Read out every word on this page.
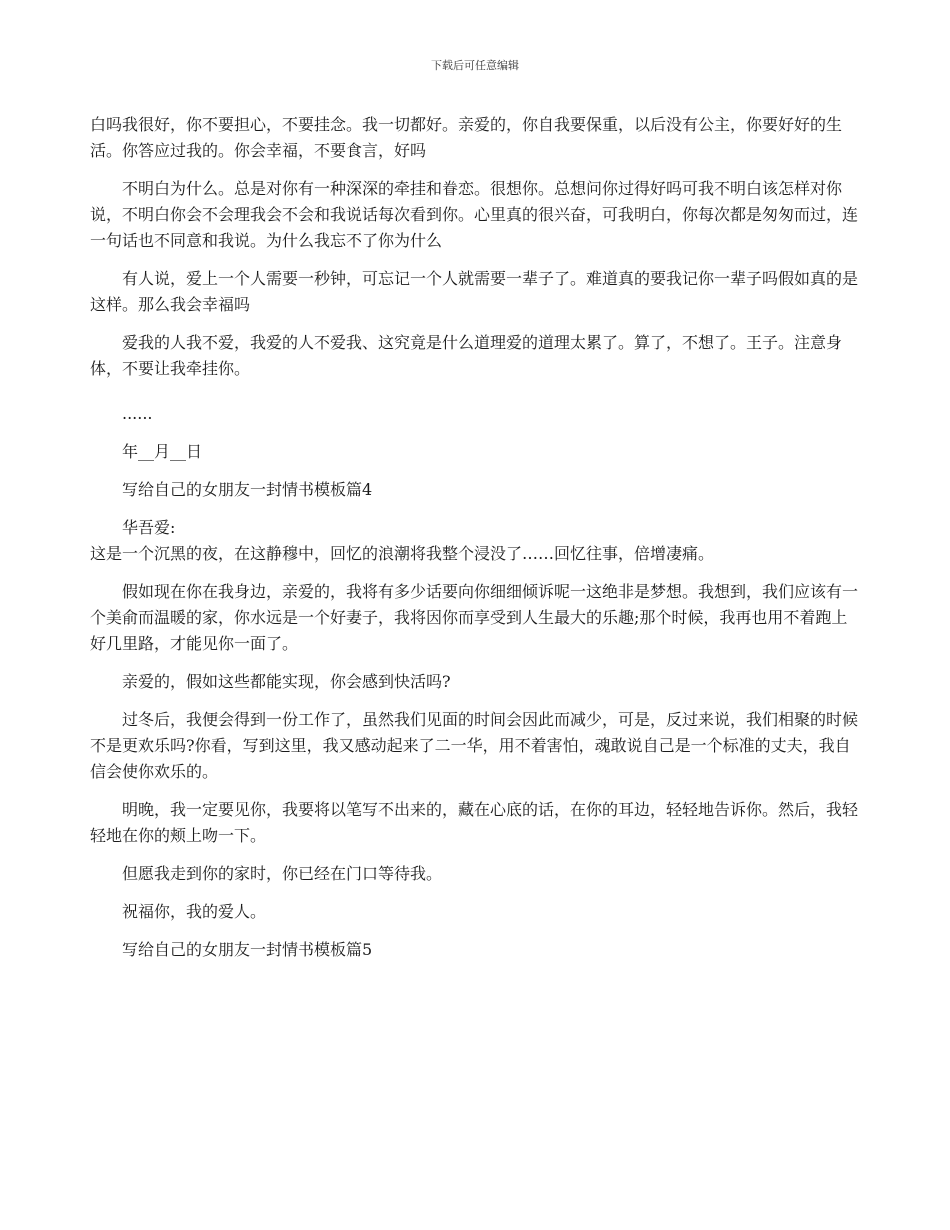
下载后可任意编辑

白吗我很好，你不要担心，不要挂念。我一切都好。亲爱的，你自我要保重，以后没有公主，你要好好的生活。你答应过我的。你会幸福，不要食言，好吗

不明白为什么。总是对你有一种深深的牵挂和眷恋。很想你。总想问你过得好吗可我不明白该怎样对你说，不明白你会不会理我会不会和我说话每次看到你。心里真的很兴奋，可我明白，你每次都是匆匆而过，连一句话也不同意和我说。为什么我忘不了你为什么

有人说，爱上一个人需要一秒钟，可忘记一个人就需要一辈子了。难道真的要我记你一辈子吗假如真的是这样。那么我会幸福吗

爱我的人我不爱，我爱的人不爱我、这究竟是什么道理爱的道理太累了。算了，不想了。王子。注意身体，不要让我牵挂你。

......

年__月__日

写给自己的女朋友一封情书模板篇4

华吾爱:

这是一个沉黑的夜，在这静穆中，回忆的浪潮将我整个浸没了……回忆往事，倍增凄痛。

假如现在你在我身边，亲爱的，我将有多少话要向你细细倾诉呢一这绝非是梦想。我想到，我们应该有一个美俞而温暖的家，你水远是一个好妻子，我将因你而享受到人生最大的乐趣;那个时候，我再也用不着跑上好几里路，才能见你一面了。

亲爱的，假如这些都能实现，你会感到快活吗?

过冬后，我便会得到一份工作了，虽然我们见面的时间会因此而减少，可是，反过来说，我们相聚的时候不是更欢乐吗?你看，写到这里，我又感动起来了二一华，用不着害怕，魂敢说自己是一个标准的丈夫，我自信会使你欢乐的。

明晚，我一定要见你，我要将以笔写不出来的，藏在心底的话，在你的耳边，轻轻地告诉你。然后，我轻轻地在你的颊上吻一下。

但愿我走到你的家时，你已经在门口等待我。

祝福你，我的爱人。

写给自己的女朋友一封情书模板篇5
